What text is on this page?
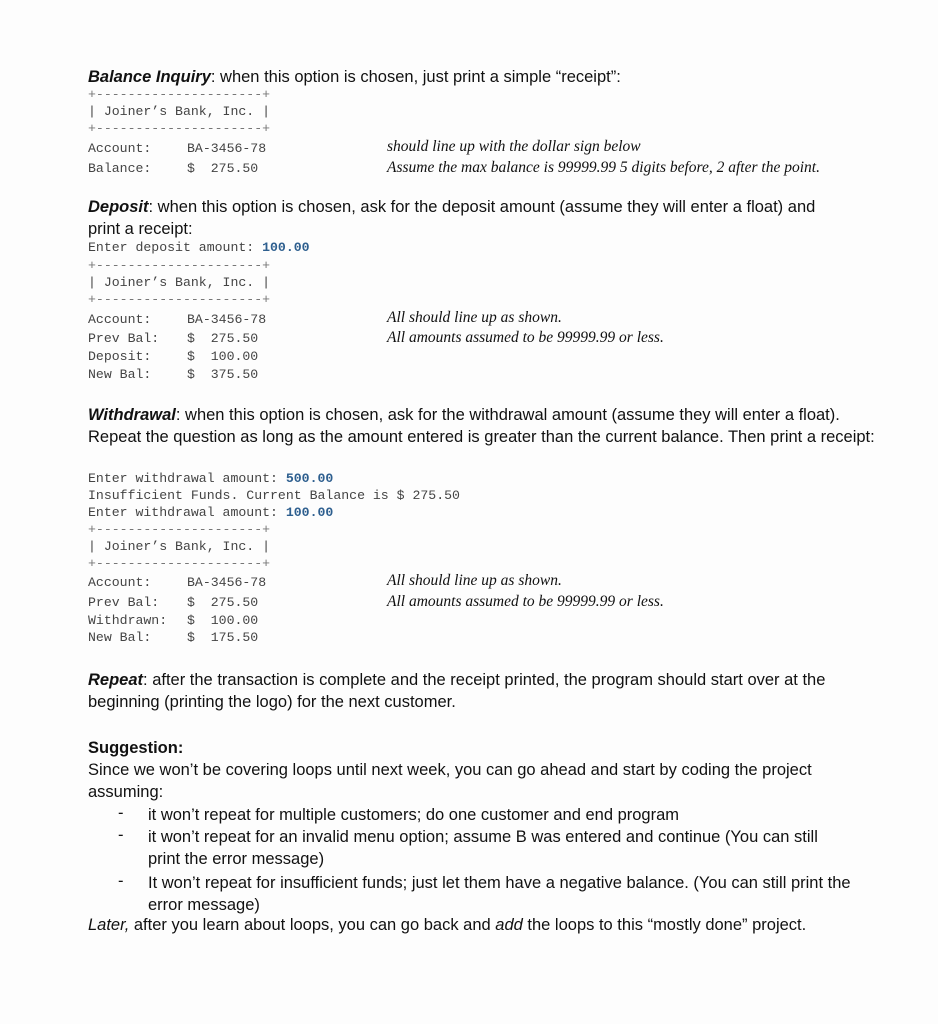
Balance Inquiry: when this option is chosen, just print a simple “receipt”:
+---------------------+
| Joiner’s Bank, Inc. |
+---------------------+
Account:	BA-3456-78
Balance:	$  275.50
should line up with the dollar sign below
Assume the max balance is 99999.99 5 digits before, 2 after the point.
Deposit: when this option is chosen, ask for the deposit amount (assume they will enter a float) and print a receipt:
Enter deposit amount: 100.00
+---------------------+
| Joiner’s Bank, Inc. |
+---------------------+
Account:	BA-3456-78
Prev Bal: $  275.50
Deposit:	$  100.00
New Bal:	$  375.50
All should line up as shown.
All amounts assumed to be 99999.99 or less.
Withdrawal: when this option is chosen, ask for the withdrawal amount (assume they will enter a float). Repeat the question as long as the amount entered is greater than the current balance. Then print a receipt:
Enter withdrawal amount: 500.00
Insufficient Funds. Current Balance is $ 275.50
Enter withdrawal amount: 100.00
+---------------------+
| Joiner’s Bank, Inc. |
+---------------------+
Account:	BA-3456-78
Prev Bal: $  275.50
Withdrawn: $  100.00
New Bal:	$  175.50
All should line up as shown.
All amounts assumed to be 99999.99 or less.
Repeat: after the transaction is complete and the receipt printed, the program should start over at the beginning (printing the logo) for the next customer.
Suggestion:
Since we won’t be covering loops until next week, you can go ahead and start by coding the project assuming:
- it won’t repeat for multiple customers; do one customer and end program
- it won’t repeat for an invalid menu option; assume B was entered and continue (You can still print the error message)
- It won’t repeat for insufficient funds; just let them have a negative balance. (You can still print the error message)
Later, after you learn about loops, you can go back and add the loops to this “mostly done” project.
